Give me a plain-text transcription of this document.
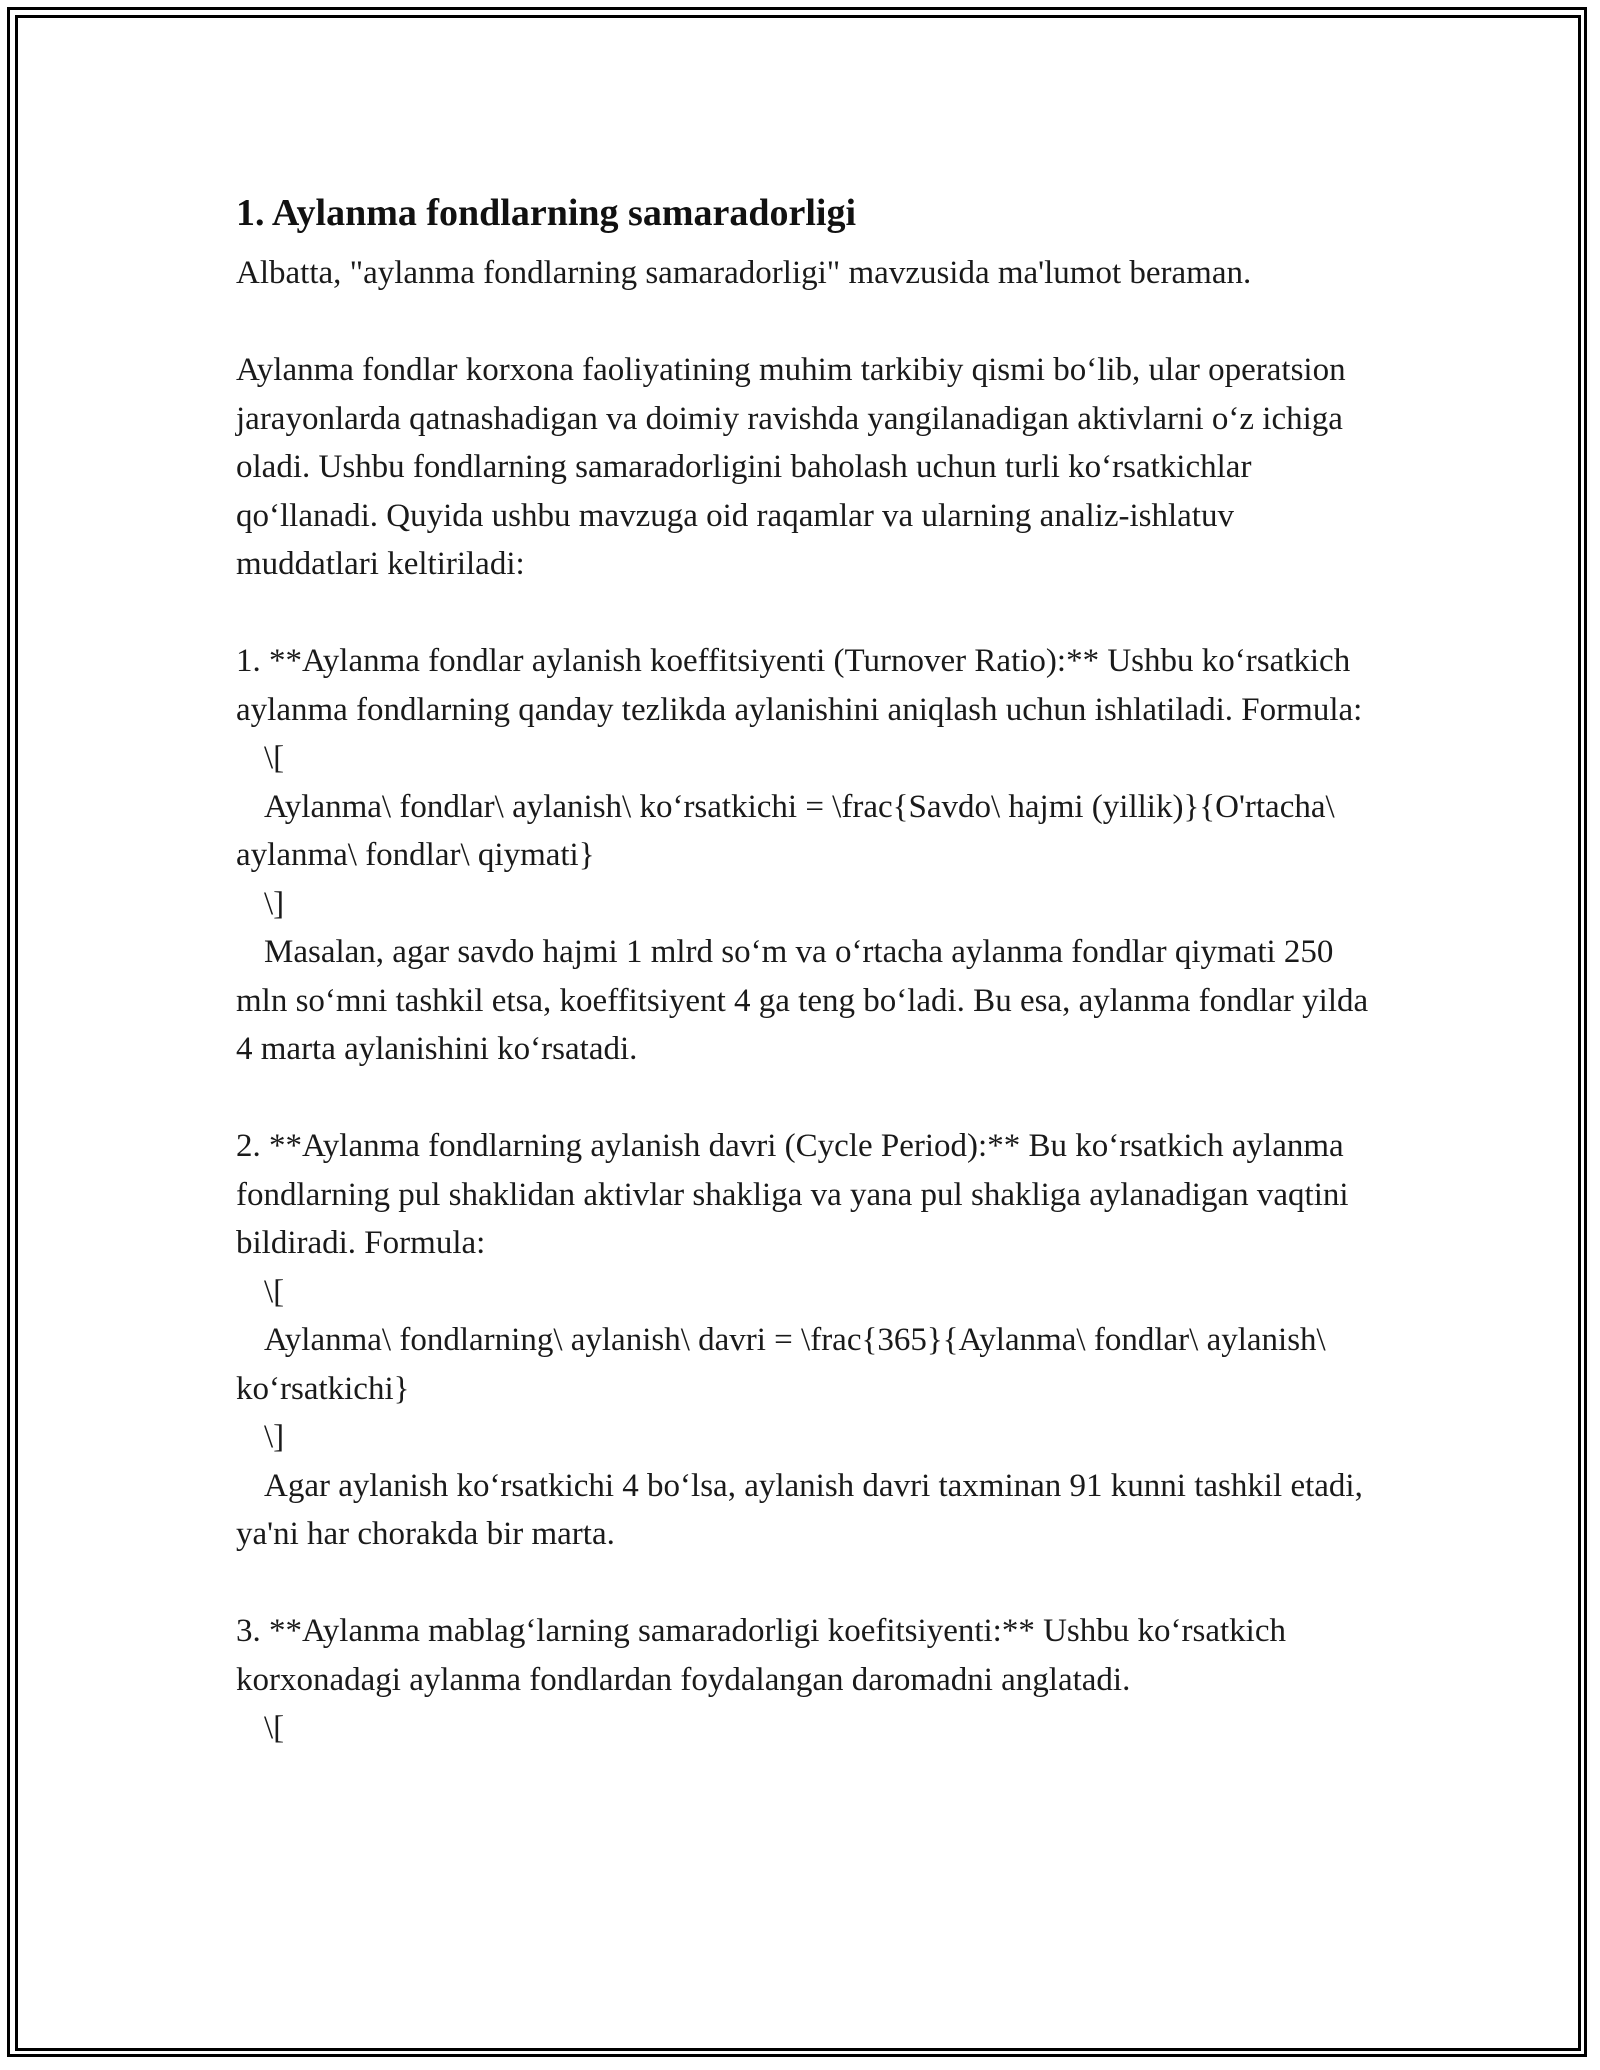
1. Aylanma fondlarning samaradorligi

Albatta, "aylanma fondlarning samaradorligi" mavzusida ma'lumot beraman.

Aylanma fondlar korxona faoliyatining muhim tarkibiy qismi bo‘lib, ular operatsion jarayonlarda qatnashadigan va doimiy ravishda yangilanadigan aktivlarni o‘z ichiga oladi. Ushbu fondlarning samaradorligini baholash uchun turli ko‘rsatkichlar qo‘llanadi. Quyida ushbu mavzuga oid raqamlar va ularning analiz-ishlatuv muddatlari keltiriladi:

1. **Aylanma fondlar aylanish koeffitsiyenti (Turnover Ratio):** Ushbu ko‘rsatkich aylanma fondlarning qanday tezlikda aylanishini aniqlash uchun ishlatiladi. Formula:

\[

Aylanma\ fondlar\ aylanish\ ko‘rsatkichi = \frac{Savdo\ hajmi (yillik)}{O'rtacha\ aylanma\ fondlar\ qiymati}

\]

Masalan, agar savdo hajmi 1 mlrd so‘m va o‘rtacha aylanma fondlar qiymati 250 mln so‘mni tashkil etsa, koeffitsiyent 4 ga teng bo‘ladi. Bu esa, aylanma fondlar yilda 4 marta aylanishini ko‘rsatadi.

2. **Aylanma fondlarning aylanish davri (Cycle Period):** Bu ko‘rsatkich aylanma fondlarning pul shaklidan aktivlar shakliga va yana pul shakliga aylanadigan vaqtini bildiradi. Formula:

\[

Aylanma\ fondlarning\ aylanish\ davri = \frac{365}{Aylanma\ fondlar\ aylanish\ ko‘rsatkichi}

\]

Agar aylanish ko‘rsatkichi 4 bo‘lsa, aylanish davri taxminan 91 kunni tashkil etadi, ya'ni har chorakda bir marta.

3. **Aylanma mablag‘larning samaradorligi koefitsiyenti:** Ushbu ko‘rsatkich korxonadagi aylanma fondlardan foydalangan daromadni anglatadi.

\[
